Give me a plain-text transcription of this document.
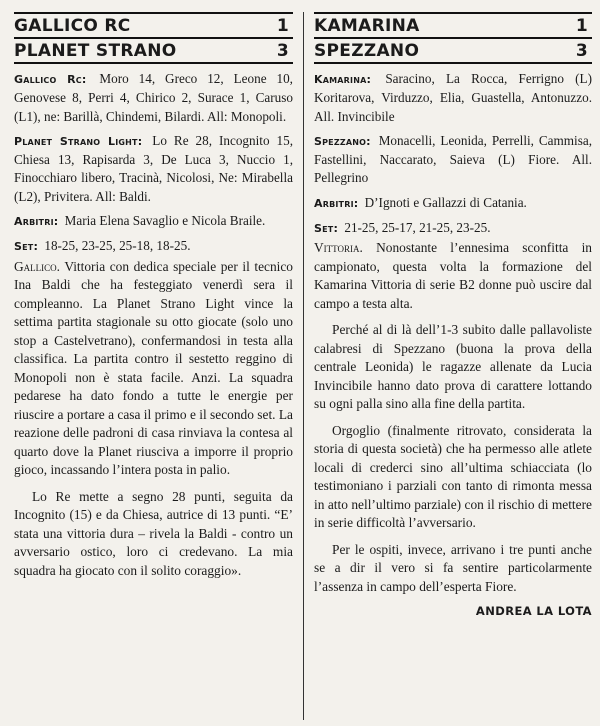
GALLICO RC	1
PLANET STRANO	3
Gallico Rc: Moro 14, Greco 12, Leone 10, Genovese 8, Perri 4, Chirico 2, Surace 1, Caruso (L1), ne: Barillà, Chindemi, Bilardi. All: Monopoli.
Planet Strano Light: Lo Re 28, Incognito 15, Chiesa 13, Rapisarda 3, De Luca 3, Nuccio 1, Finocchiaro libero, Tracinà, Nicolosi, Ne: Mirabella (L2), Privitera. All: Baldi.
Arbitri: Maria Elena Savaglio e Nicola Braile.
Set: 18-25, 23-25, 25-18, 18-25.

Gallico. Vittoria con dedica speciale per il tecnico Ina Baldi che ha festeggiato venerdì sera il compleanno. La Planet Strano Light vince la settima partita stagionale su otto giocate (solo uno stop a Castelvetrano), confermandosi in testa alla classifica. La partita contro il sestetto reggino di Monopoli non è stata facile. Anzi. La squadra pedarese ha dato fondo a tutte le energie per riuscire a portare a casa il primo e il secondo set. La reazione delle padroni di casa rinviava la contesa al quarto dove la Planet riusciva a imporre il proprio gioco, incassando l’intera posta in palio.

Lo Re mette a segno 28 punti, seguita da Incognito (15) e da Chiesa, autrice di 13 punti. “E’ stata una vittoria dura – rivela la Baldi - contro un avversario ostico, loro ci credevano. La mia squadra ha giocato con il solito coraggio».

KAMARINA	1
SPEZZANO	3
Kamarina: Saracino, La Rocca, Ferrigno (L) Koritarova, Virduzzo, Elia, Guastella, Antonuzzo. All. Invincibile
Spezzano: Monacelli, Leonida, Perrelli, Cammisa, Fastellini, Naccarato, Saieva (L) Fiore. All. Pellegrino
Arbitri: D’Ignoti e Gallazzi di Catania.
Set: 21-25, 25-17, 21-25, 23-25.

Vittoria. Nonostante l’ennesima sconfitta in campionato, questa volta la formazione del Kamarina Vittoria di serie B2 donne può uscire dal campo a testa alta.

Perché al di là dell’1-3 subito dalle pallavoliste calabresi di Spezzano (buona la prova della centrale Leonida) le ragazze allenate da Lucia Invincibile hanno dato prova di carattere lottando su ogni palla sino alla fine della partita.

Orgoglio (finalmente ritrovato, considerata la storia di questa società) che ha permesso alle atlete locali di crederci sino all’ultima schiacciata (lo testimoniano i parziali con tanto di rimonta messa in atto nell’ultimo parziale) con il rischio di mettere in serie difficoltà l’avversario.

Per le ospiti, invece, arrivano i tre punti anche se a dir il vero si fa sentire particolarmente l’assenza in campo dell’esperta Fiore.

ANDREA LA LOTA
